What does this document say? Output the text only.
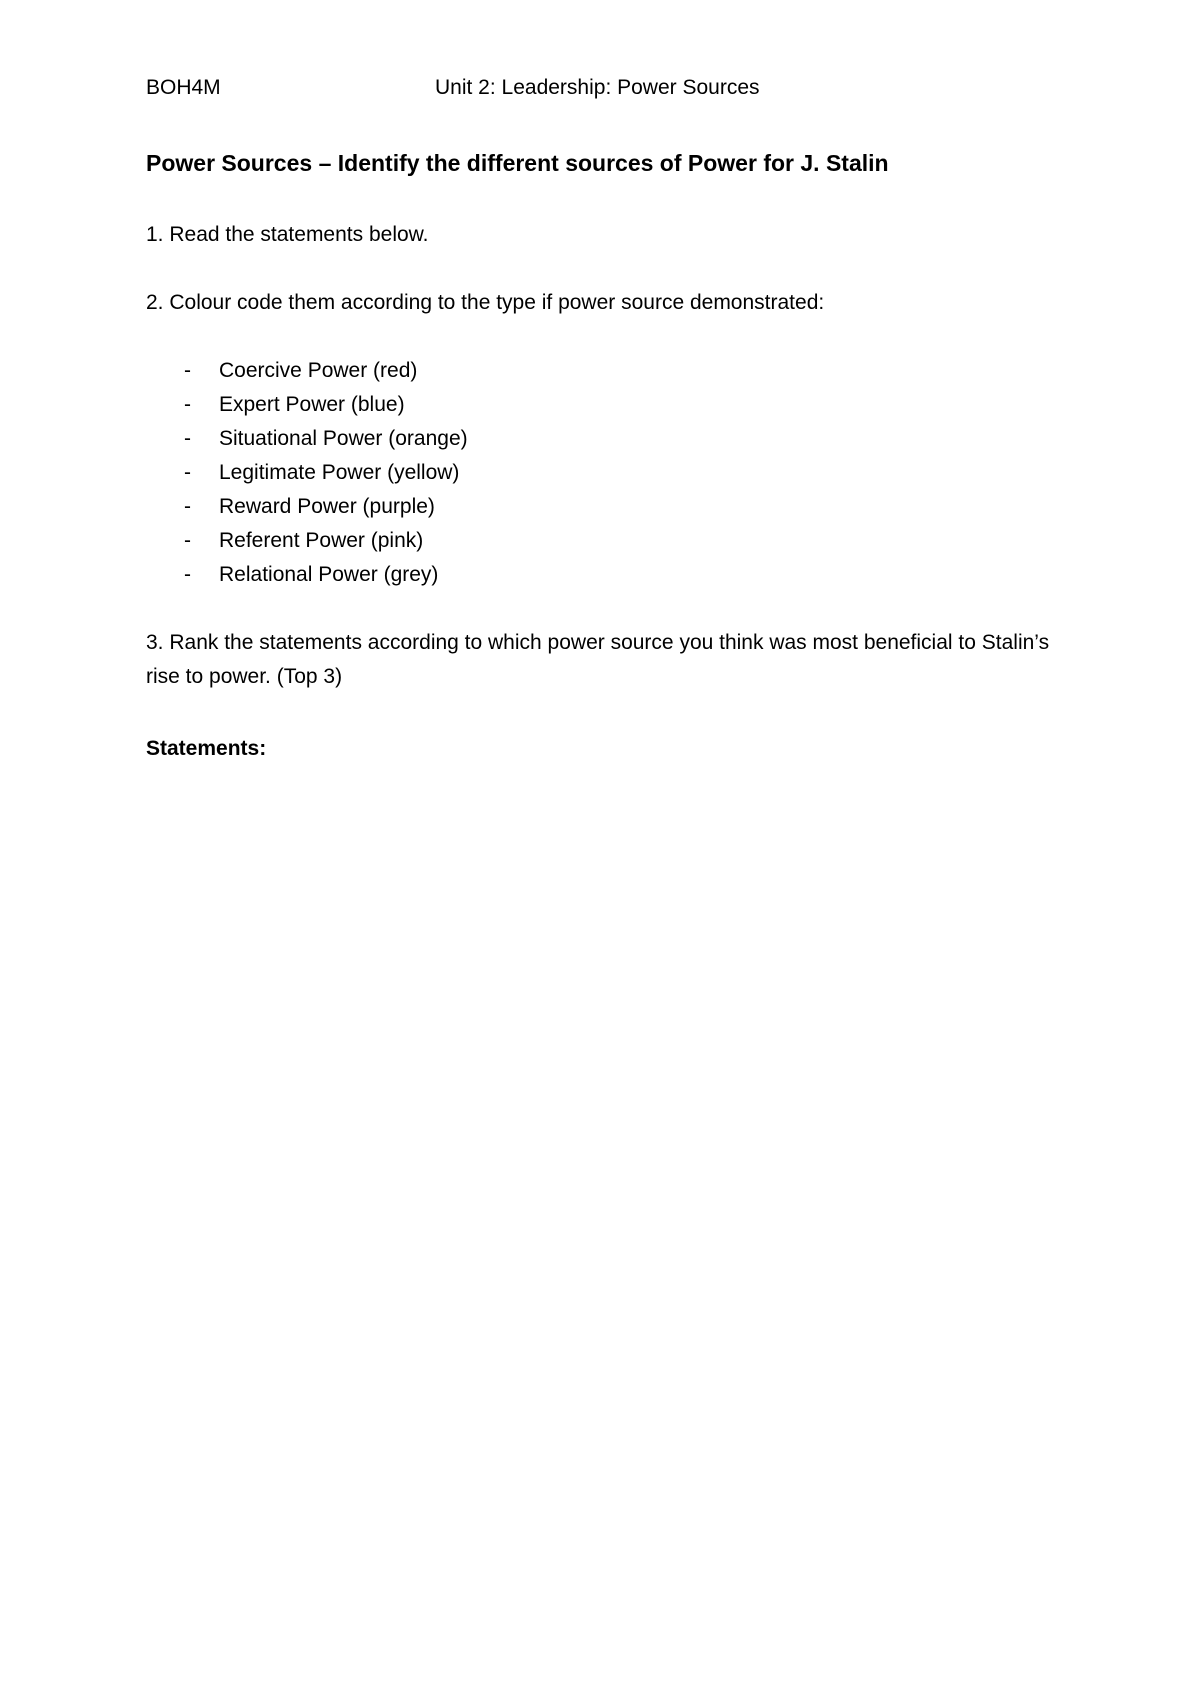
BOH4M	Unit 2: Leadership: Power Sources
Power Sources – Identify the different sources of Power for J. Stalin
1. Read the statements below.
2. Colour code them according to the type if power source demonstrated:
- Coercive Power (red)
- Expert Power (blue)
- Situational Power (orange)
- Legitimate Power (yellow)
- Reward Power (purple)
- Referent Power (pink)
- Relational Power (grey)
3. Rank the statements according to which power source you think was most beneficial to Stalin’s rise to power. (Top 3)
Statements:
